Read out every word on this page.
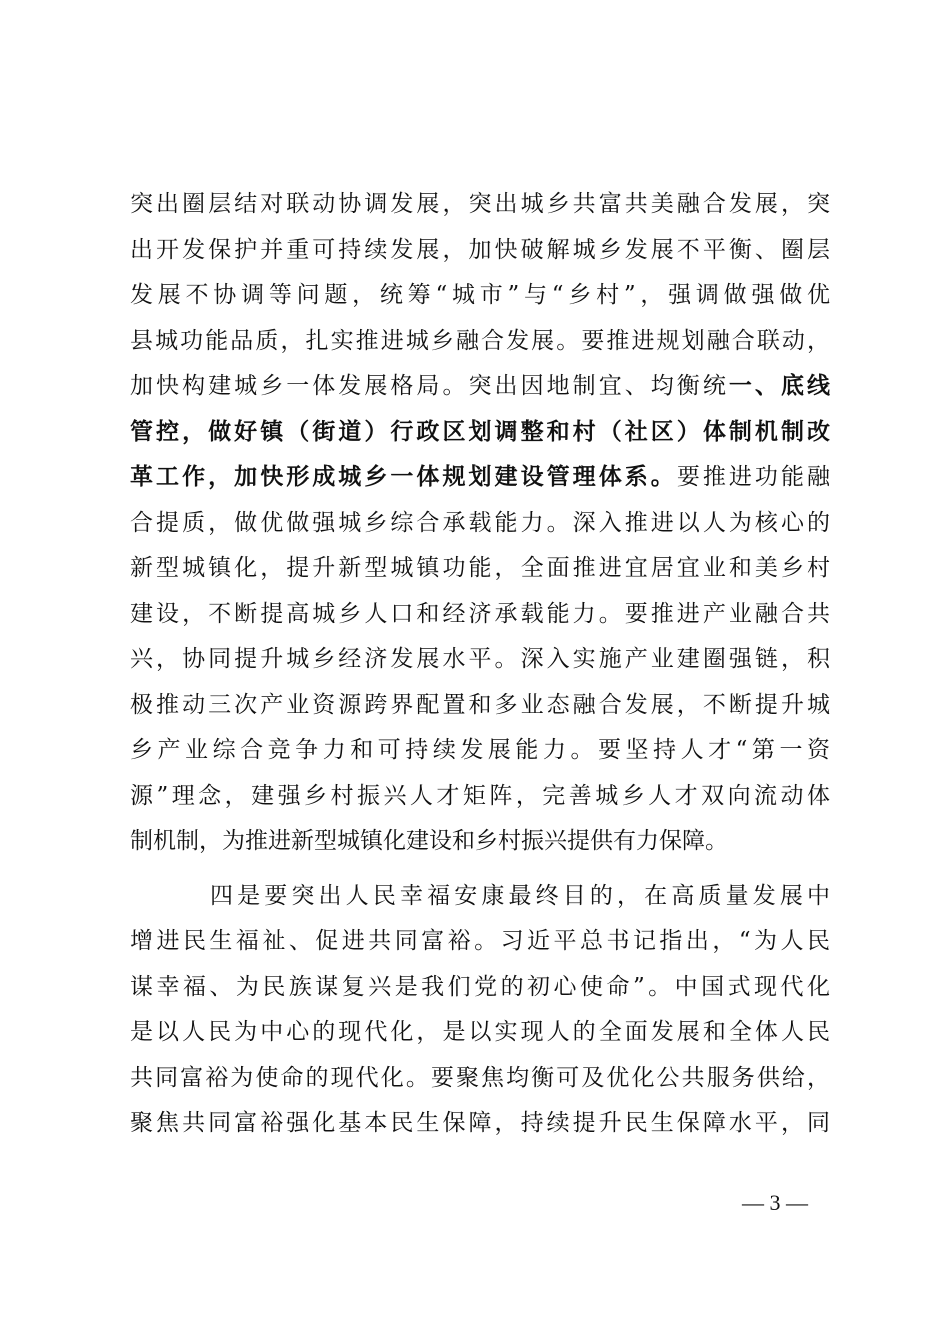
突出圈层结对联动协调发展，突出城乡共富共美融合发展，突
出开发保护并重可持续发展，加快破解城乡发展不平衡、圈层
发展不协调等问题，统筹“城市”与“乡村”，强调做强做优
县城功能品质，扎实推进城乡融合发展。要推进规划融合联动，
加快构建城乡一体发展格局。突出因地制宜、均衡统一、底线
管控，做好镇（街道）行政区划调整和村（社区）体制机制改
革工作，加快形成城乡一体规划建设管理体系。要推进功能融
合提质，做优做强城乡综合承载能力。深入推进以人为核心的
新型城镇化，提升新型城镇功能，全面推进宜居宜业和美乡村
建设，不断提高城乡人口和经济承载能力。要推进产业融合共
兴，协同提升城乡经济发展水平。深入实施产业建圈强链，积
极推动三次产业资源跨界配置和多业态融合发展，不断提升城
乡产业综合竞争力和可持续发展能力。要坚持人才“第一资
源”理念，建强乡村振兴人才矩阵，完善城乡人才双向流动体
制机制，为推进新型城镇化建设和乡村振兴提供有力保障。
四是要突出人民幸福安康最终目的，在高质量发展中
增进民生福祉、促进共同富裕。习近平总书记指出，“为人民
谋幸福、为民族谋复兴是我们党的初心使命”。中国式现代化
是以人民为中心的现代化，是以实现人的全面发展和全体人民
共同富裕为使命的现代化。要聚焦均衡可及优化公共服务供给，
聚焦共同富裕强化基本民生保障，持续提升民生保障水平，同
— 3 —
